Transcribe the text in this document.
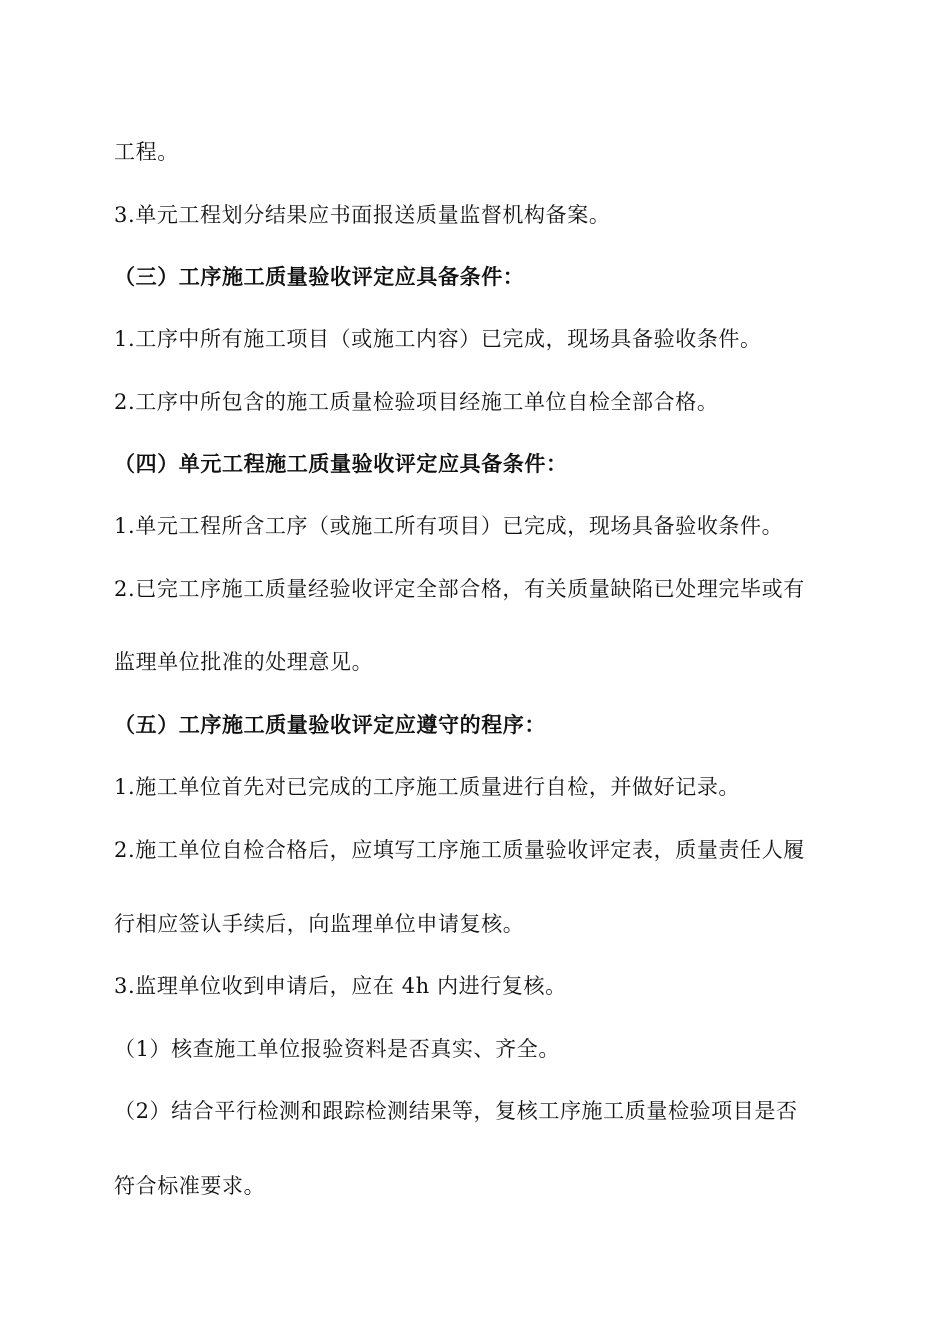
工程。
3.单元工程划分结果应书面报送质量监督机构备案。
（三）工序施工质量验收评定应具备条件：
1.工序中所有施工项目（或施工内容）已完成，现场具备验收条件。
2.工序中所包含的施工质量检验项目经施工单位自检全部合格。
（四）单元工程施工质量验收评定应具备条件：
1.单元工程所含工序（或施工所有项目）已完成，现场具备验收条件。
2.已完工序施工质量经验收评定全部合格，有关质量缺陷已处理完毕或有
监理单位批准的处理意见。
（五）工序施工质量验收评定应遵守的程序：
1.施工单位首先对已完成的工序施工质量进行自检，并做好记录。
2.施工单位自检合格后，应填写工序施工质量验收评定表，质量责任人履
行相应签认手续后，向监理单位申请复核。
3.监理单位收到申请后，应在 4h 内进行复核。
（1）核查施工单位报验资料是否真实、齐全。
（2）结合平行检测和跟踪检测结果等，复核工序施工质量检验项目是否
符合标准要求。
